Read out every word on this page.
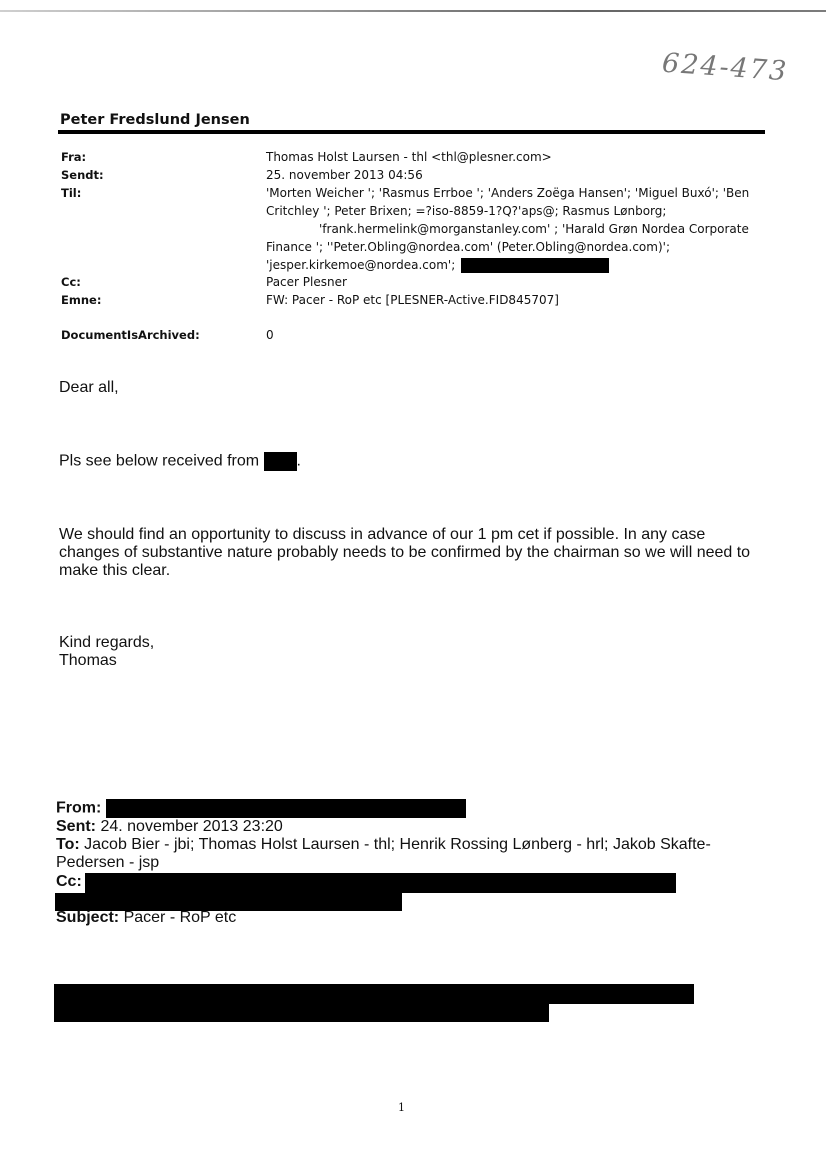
624-473
Peter Fredslund Jensen
Fra:
Sendt:
Til:
Cc:
Emne:
DocumentIsArchived:
Thomas Holst Laursen - thl <thl@plesner.com>
25. november 2013 04:56
'Morten Weicher '; 'Rasmus Errboe '; 'Anders Zoëga Hansen'; 'Miguel Buxó'; 'Ben
Critchley '; Peter Brixen; =?iso-8859-1?Q?'aps@; Rasmus Lønborg;
'frank.hermelink@morganstanley.com' ; 'Harald Grøn Nordea Corporate
Finance '; ''Peter.Obling@nordea.com' (Peter.Obling@nordea.com)';
'jesper.kirkemoe@nordea.com';
Pacer Plesner
FW: Pacer - RoP etc [PLESNER-Active.FID845707]
0
Dear all,
Pls see below received from .
We should find an opportunity to discuss in advance of our 1 pm cet if possible. In any case
changes of substantive nature probably needs to be confirmed by the chairman so we will need to
make this clear.
Kind regards,
Thomas
From:
Sent: 24. november 2013 23:20
To: Jacob Bier - jbi; Thomas Holst Laursen - thl; Henrik Rossing Lønberg - hrl; Jakob Skafte-
Pedersen - jsp
Cc:
Subject: Pacer - RoP etc
1
